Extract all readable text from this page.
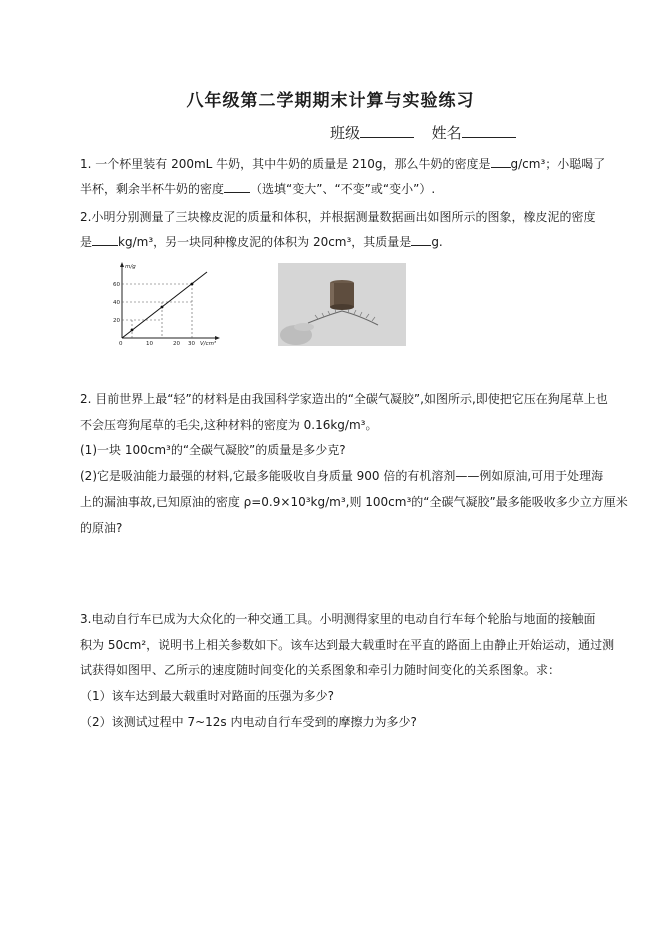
八年级第二学期期末计算与实验练习
班级	姓名
1. 一个杯里装有 200mL 牛奶，其中牛奶的质量是 210g，那么牛奶的密度是 g/cm³；小聪喝了
半杯，剩余半杯牛奶的密度 （选填“变大”、“不变”或“变小”）.
2.小明分别测量了三块橡皮泥的质量和体积，并根据测量数据画出如图所示的图象，橡皮泥的密度
是 kg/m³，另一块同种橡皮泥的体积为 20cm³，其质量是 g.
m/g
V/cm³
60
40
20
0	10	20 30
2. 目前世界上最“轻”的材料是由我国科学家造出的“全碳气凝胶”,如图所示,即使把它压在狗尾草上也
不会压弯狗尾草的毛尖,这种材料的密度为 0.16kg/m³。
(1)一块 100cm³的“全碳气凝胶”的质量是多少克?
(2)它是吸油能力最强的材料,它最多能吸收自身质量 900 倍的有机溶剂——例如原油,可用于处理海
上的漏油事故,已知原油的密度 ρ=0.9×10³kg/m³,则 100cm³的“全碳气凝胶”最多能吸收多少立方厘米
的原油?
3.电动自行车已成为大众化的一种交通工具。小明测得家里的电动自行车每个轮胎与地面的接触面
积为 50cm²，说明书上相关参数如下。该车达到最大载重时在平直的路面上由静止开始运动，通过测
试获得如图甲、乙所示的速度随时间变化的关系图象和牵引力随时间变化的关系图象。求：
（1）该车达到最大载重时对路面的压强为多少?
（2）该测试过程中 7~12s 内电动自行车受到的摩擦力为多少?
